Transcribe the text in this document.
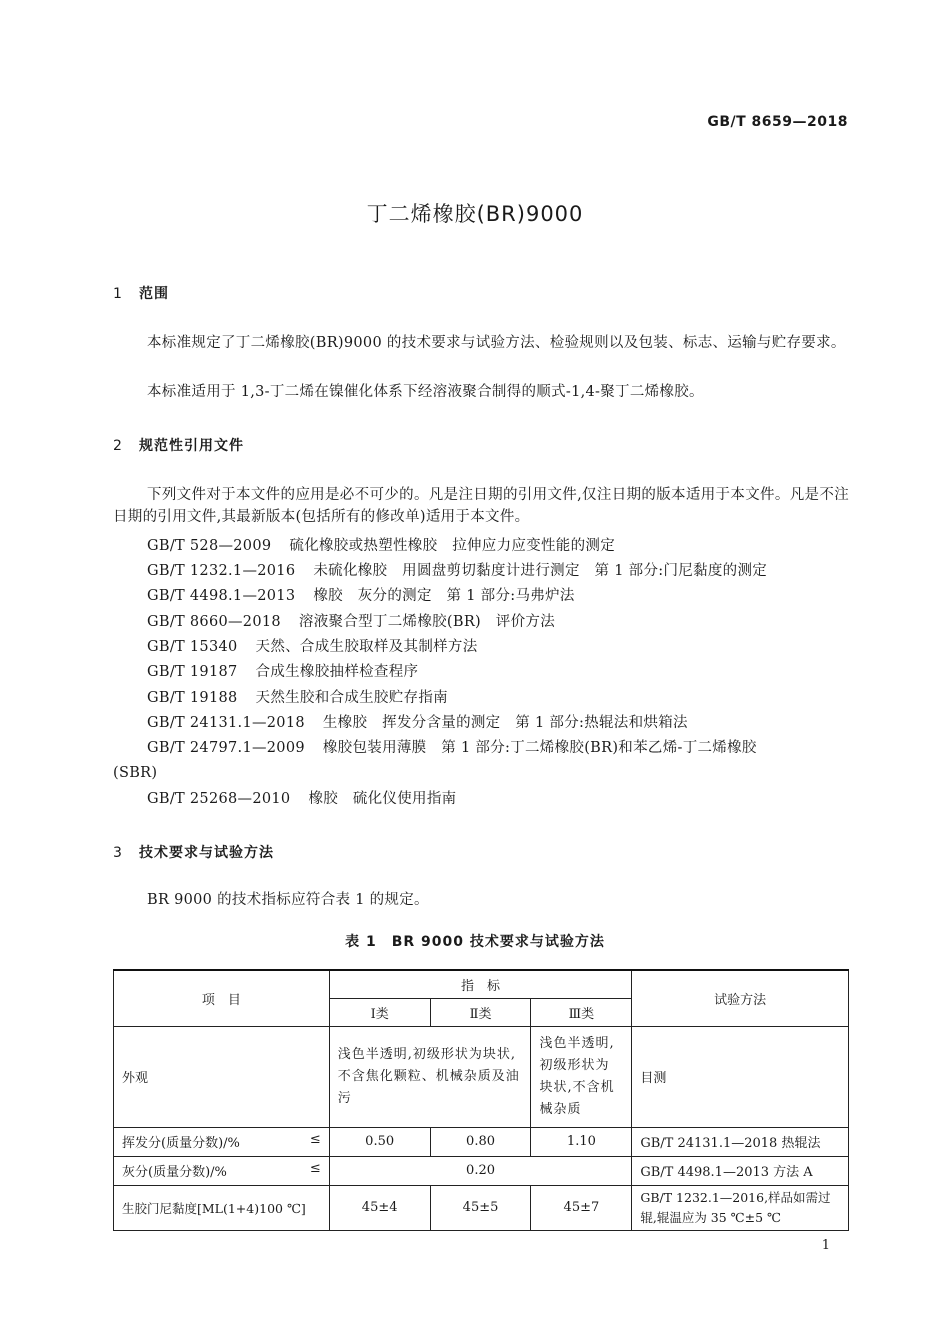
GB/T 8659—2018
丁二烯橡胶(BR)9000
1 范围
本标准规定了丁二烯橡胶(BR)9000 的技术要求与试验方法、检验规则以及包装、标志、运输与贮存要求。
本标准适用于 1,3-丁二烯在镍催化体系下经溶液聚合制得的顺式-1,4-聚丁二烯橡胶。
2 规范性引用文件
下列文件对于本文件的应用是必不可少的。凡是注日期的引用文件,仅注日期的版本适用于本文件。凡是不注日期的引用文件,其最新版本(包括所有的修改单)适用于本文件。
GB/T 528—2009 硫化橡胶或热塑性橡胶　拉伸应力应变性能的测定
GB/T 1232.1—2016 未硫化橡胶　用圆盘剪切黏度计进行测定　第 1 部分:门尼黏度的测定
GB/T 4498.1—2013 橡胶　灰分的测定　第 1 部分:马弗炉法
GB/T 8660—2018 溶液聚合型丁二烯橡胶(BR)　评价方法
GB/T 15340 天然、合成生胶取样及其制样方法
GB/T 19187 合成生橡胶抽样检查程序
GB/T 19188 天然生胶和合成生胶贮存指南
GB/T 24131.1—2018 生橡胶　挥发分含量的测定　第 1 部分:热辊法和烘箱法
GB/T 24797.1—2009 橡胶包装用薄膜　第 1 部分:丁二烯橡胶(BR)和苯乙烯-丁二烯橡胶
(SBR)
GB/T 25268—2010 橡胶　硫化仪使用指南
3 技术要求与试验方法
BR 9000 的技术指标应符合表 1 的规定。
表 1　BR 9000 技术要求与试验方法
项　目	指　标			试验方法
	Ⅰ类	Ⅱ类	Ⅲ类	
外观	浅色半透明,初级形状为块状,不含焦化颗粒、机械杂质及油污		浅色半透明,初级形状为块状,不含机械杂质	目测

挥发分(质量分数)/% ≤	0.50	0.80	1.10	GB/T 24131.1—2018 热辊法

灰分(质量分数)/% ≤	0.20			GB/T 4498.1—2013 方法 A
生胶门尼黏度[ML(1+4)100 ℃]	45±4	45±5	45±7	GB/T 1232.1—2016,样品如需过辊,辊温应为 35 ℃±5 ℃
1
